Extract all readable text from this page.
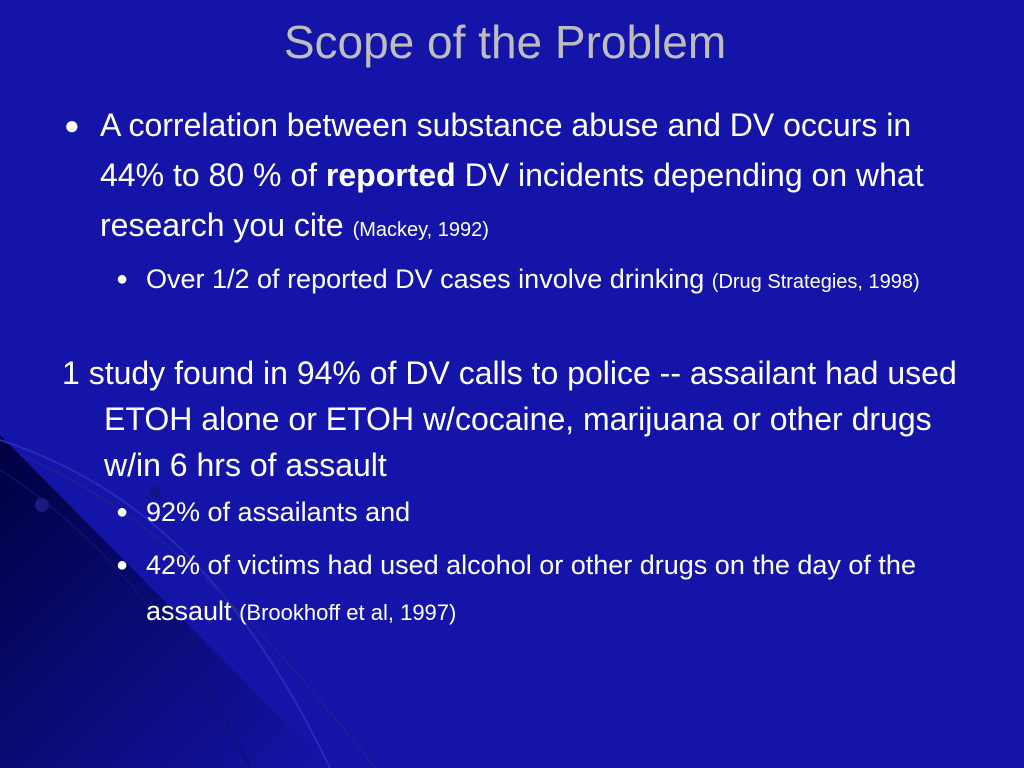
Scope of the Problem
● A correlation between substance abuse and DV occurs in 44% to 80 % of reported DV incidents depending on what research you cite (Mackey, 1992)
● Over 1/2 of reported DV cases involve drinking (Drug Strategies, 1998)
1 study found in 94% of DV calls to police -- assailant had used ETOH alone or ETOH w/cocaine, marijuana or other drugs w/in 6 hrs of assault
● 92% of assailants and
● 42% of victims had used alcohol or other drugs on the day of the assault (Brookhoff et al, 1997)
